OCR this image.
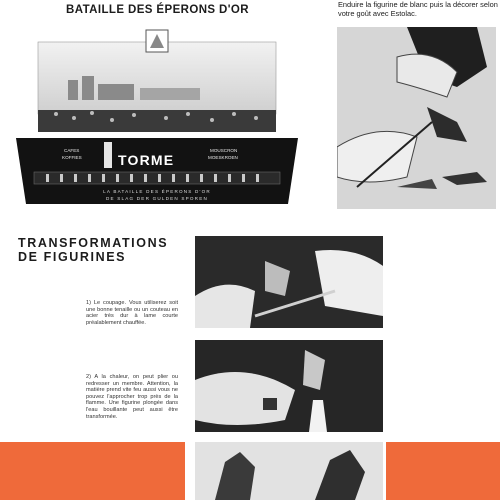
BATAILLE DES ÉPERONS D'OR	Enduire la figurine de blanc puis la décorer selon votre goût avec Estolac.
CAFES
KOFFIES	TORME
MOUSCRON
MOESKROEN
LA BATAILLE DES ÉPERONS D'OR
DE SLAG DER GULDEN SPOREN
TRANSFORMATIONS
DE FIGURINES
1) Le coupage. Vous utiliserez soit une bonne tenaille ou un couteau en acier très dur à lame courte préalablement chauffée.
2) A la chaleur, on peut plier ou redresser un membre. Attention, la matière prend vite feu aussi vous ne pouvez l'approcher trop près de la flamme. Une figurine plongée dans l'eau bouillante peut aussi être transformée.
